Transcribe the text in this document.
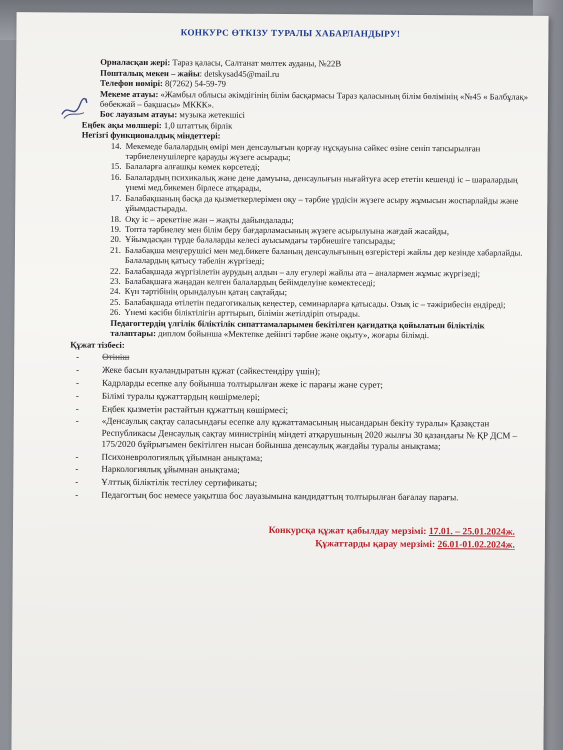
КОНКУРС ӨТКІЗУ ТУРАЛЫ ХАБАРЛАНДЫРУ!
Орналасқан жері: Тараз қаласы, Салтанат мөлтек ауданы, №22В
Пошталық мекен – жайы: detskysad45@mail.ru
Телефон нөмірі: 8(7262) 54-59-79
Мекеме атауы: «Жамбыл облысы әкімдігінің білім басқармасы Тараз қаласының білім бөлімінің «№45 « Балбұлақ» бөбекжай – бақшасы» МККК».
Бос лауазым атауы: музыка жетекшісі
Еңбек ақы мөлшері: 1,0 штаттық бірлік
Негізгі функционалдық міндеттері:
14. Мекемеде балалардың өмірі мен денсаулығын қорғау нұсқауына сәйкес өзіне сеніп тапсырылған тәрбиеленушілерге қарауды жүзеге асырады;
15. Балаларға алғашқы көмек көрсетеді;
16. Балалардың психикалық және дене дамуына, денсаулығын нығайтуға әсер ететін кешенді іс – шаралардың үнемі мед.бикемен бірлесе атқарады,
17. Балабақшаның басқа да қызметкерлерімен оқу – тәрбие үрдісін жүзеге асыру жұмысын жоспарлайды және ұйымдастырады.
18. Оқу іс – әрекетіне жан – жақты дайындалады;
19. Топта тәрбиелеу мен білім беру бағдарламасының жүзеге асырылуына жағдай жасайды,
20. Ұйымдасқан түрде балаларды келесі ауысымдағы тәрбиешіге тапсырады;
21. Балабақша меңгерушісі мен мед.бикеге баланың денсаулығының өзгерістері жайлы дер кезінде хабарлайды. Балалардың қатысу табелін жүргізеді;
22. Балабақшада жүргізілетін аурудың алдын – алу егулері жайлы ата – аналармен жұмыс жүргізеді;
23. Балабақшаға жаңадан келген балалардың бейімделуіне көмектеседі;
24. Күн тәртібінің орындалуын қатаң сақтайды;
25. Балабақшада өтілетін педагогикалық кеңестер, семинарларға қатысады. Озық іс – тәжірибесін ендіреді;
26. Үнемі кәсіби біліктілігін арттырып, білімін жетілдіріп отырады.
Педагогтердің үлгілік біліктілік сипаттамаларымен бекітілген қағидатқа қойылатын біліктілік талаптары: диплом бойынша «Мектепке дейінгі тәрбие және оқыту», жоғары білімді.
Құжат тізбесі:
-	Өтініш
-	Жеке басын куәландыратын құжат (сәйкестендіру үшін);
-	Кадрларды есепке алу бойынша толтырылған жеке іс парағы және сурет;
-	Білімі туралы құжаттардың көшірмелері;
-	Еңбек қызметін растайтын құжаттың көшірмесі;
-	«Денсаулық сақтау саласындағы есепке алу құжаттамасының нысандарын бекіту туралы» Қазақстан Республикасы Денсаулық сақтау министрінің міндеті атқарушының 2020 жылғы 30 қазандағы № ҚР ДСМ – 175/2020 бұйрығымен бекітілген нысан бойынша денсаулық жағдайы туралы анықтама;
-	Психоневрологиялық ұйымнан анықтама;
-	Наркологиялық ұйымнан анықтама;
-	Ұлттық біліктілік тестілеу сертификаты;
-	Педагогтың бос немесе уақытша бос лауазымына кандидаттың толтырылған бағалау парағы.
Конкурсқа құжат қабылдау мерзімі: 17.01. – 25.01.2024ж.
Құжаттарды қарау мерзімі: 26.01-01.02.2024ж.
